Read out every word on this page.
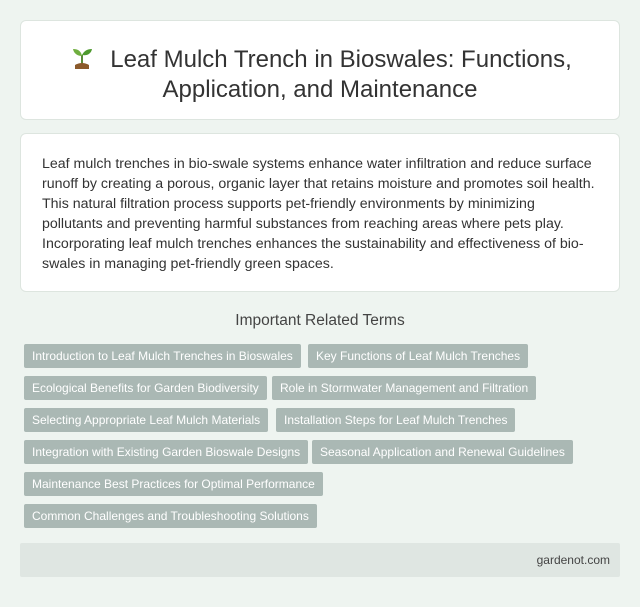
Leaf Mulch Trench in Bioswales: Functions,
Application, and Maintenance

Leaf mulch trenches in bio-swale systems enhance water infiltration and reduce surface runoff by creating a porous, organic layer that retains moisture and promotes soil health. This natural filtration process supports pet-friendly environments by minimizing pollutants and preventing harmful substances from reaching areas where pets play. Incorporating leaf mulch trenches enhances the sustainability and effectiveness of bio-swales in managing pet-friendly green spaces.

Important Related Terms
Introduction to Leaf Mulch Trenches in Bioswales	Key Functions of Leaf Mulch Trenches
Ecological Benefits for Garden Biodiversity	Role in Stormwater Management and Filtration
Selecting Appropriate Leaf Mulch Materials	Installation Steps for Leaf Mulch Trenches
Integration with Existing Garden Bioswale Designs	Seasonal Application and Renewal Guidelines
Maintenance Best Practices for Optimal Performance
Common Challenges and Troubleshooting Solutions
gardenot.com
